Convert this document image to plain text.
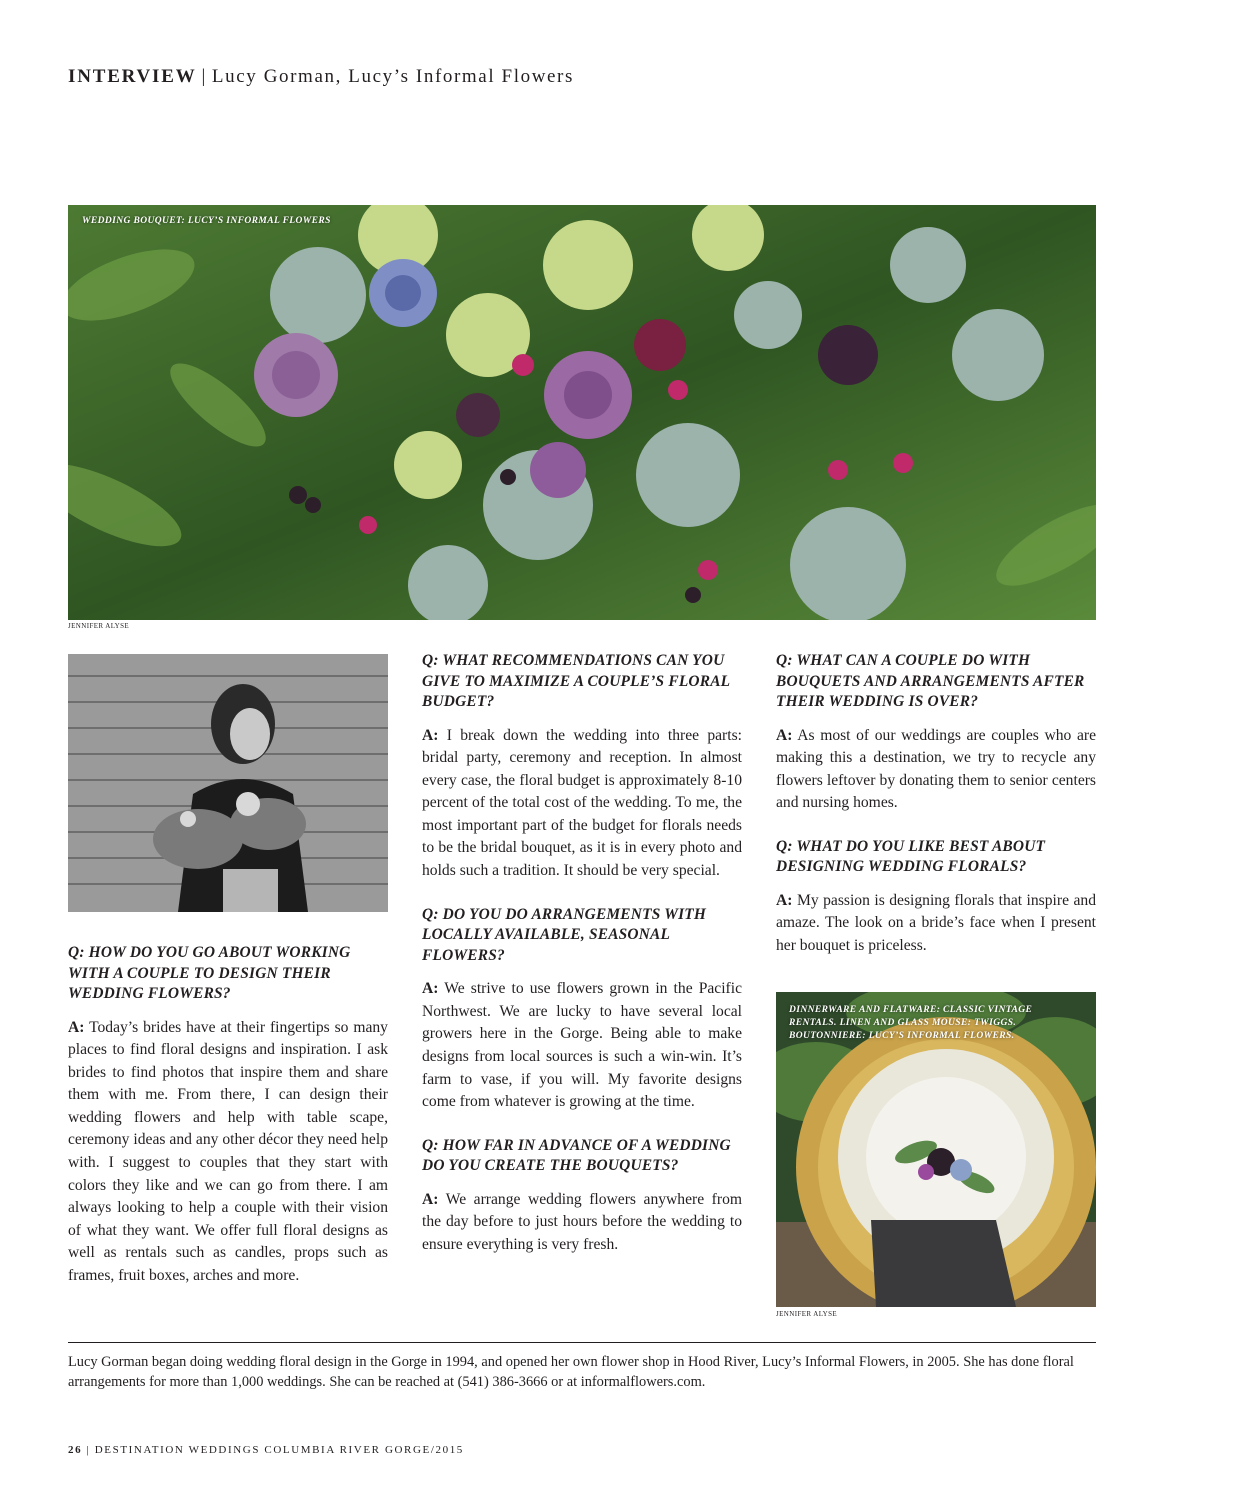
INTERVIEW | Lucy Gorman, Lucy’s Informal Flowers
WEDDING BOUQUET: LUCY’S INFORMAL FLOWERS
JENNIFER ALYSE
Q: HOW DO YOU GO ABOUT WORKING WITH A COUPLE TO DESIGN THEIR WEDDING FLOWERS?

A: Today’s brides have at their fingertips so many places to find floral designs and inspiration. I ask brides to find photos that inspire them and share them with me. From there, I can design their wedding flowers and help with table scape, ceremony ideas and any other décor they need help with. I suggest to couples that they start with colors they like and we can go from there. I am always looking to help a couple with their vision of what they want. We offer full floral designs as well as rentals such as candles, props such as frames, fruit boxes, arches and more.

Q: WHAT RECOMMENDATIONS CAN YOU GIVE TO MAXIMIZE A COUPLE’S FLORAL BUDGET?

A: I break down the wedding into three parts: bridal party, ceremony and reception. In almost every case, the floral budget is approximately 8-10 percent of the total cost of the wedding. To me, the most important part of the budget for florals needs to be the bridal bouquet, as it is in every photo and holds such a tradition. It should be very special.

Q: DO YOU DO ARRANGEMENTS WITH LOCALLY AVAILABLE, SEASONAL FLOWERS?

A: We strive to use flowers grown in the Pacific Northwest. We are lucky to have several local growers here in the Gorge. Being able to make designs from local sources is such a win-win. It’s farm to vase, if you will. My favorite designs come from whatever is growing at the time.

Q: HOW FAR IN ADVANCE OF A WEDDING DO YOU CREATE THE BOUQUETS?

A: We arrange wedding flowers anywhere from the day before to just hours before the wedding to ensure everything is very fresh.

Q: WHAT CAN A COUPLE DO WITH BOUQUETS AND ARRANGEMENTS AFTER THEIR WEDDING IS OVER?

A: As most of our weddings are couples who are making this a destination, we try to recycle any flowers leftover by donating them to senior centers and nursing homes.

Q: WHAT DO YOU LIKE BEST ABOUT DESIGNING WEDDING FLORALS?

A: My passion is designing florals that inspire and amaze. The look on a bride’s face when I present her bouquet is priceless.

DINNERWARE AND FLATWARE: CLASSIC VINTAGE RENTALS. LINEN AND GLASS MOUSE: TWIGGS. BOUTONNIERE: LUCY’S INFORMAL FLOWERS.
JENNIFER ALYSE
Lucy Gorman began doing wedding floral design in the Gorge in 1994, and opened her own flower shop in Hood River, Lucy’s Informal Flowers, in 2005. She has done floral arrangements for more than 1,000 weddings. She can be reached at (541) 386-3666 or at informalflowers.com.
26 | DESTINATION WEDDINGS COLUMBIA RIVER GORGE/2015
